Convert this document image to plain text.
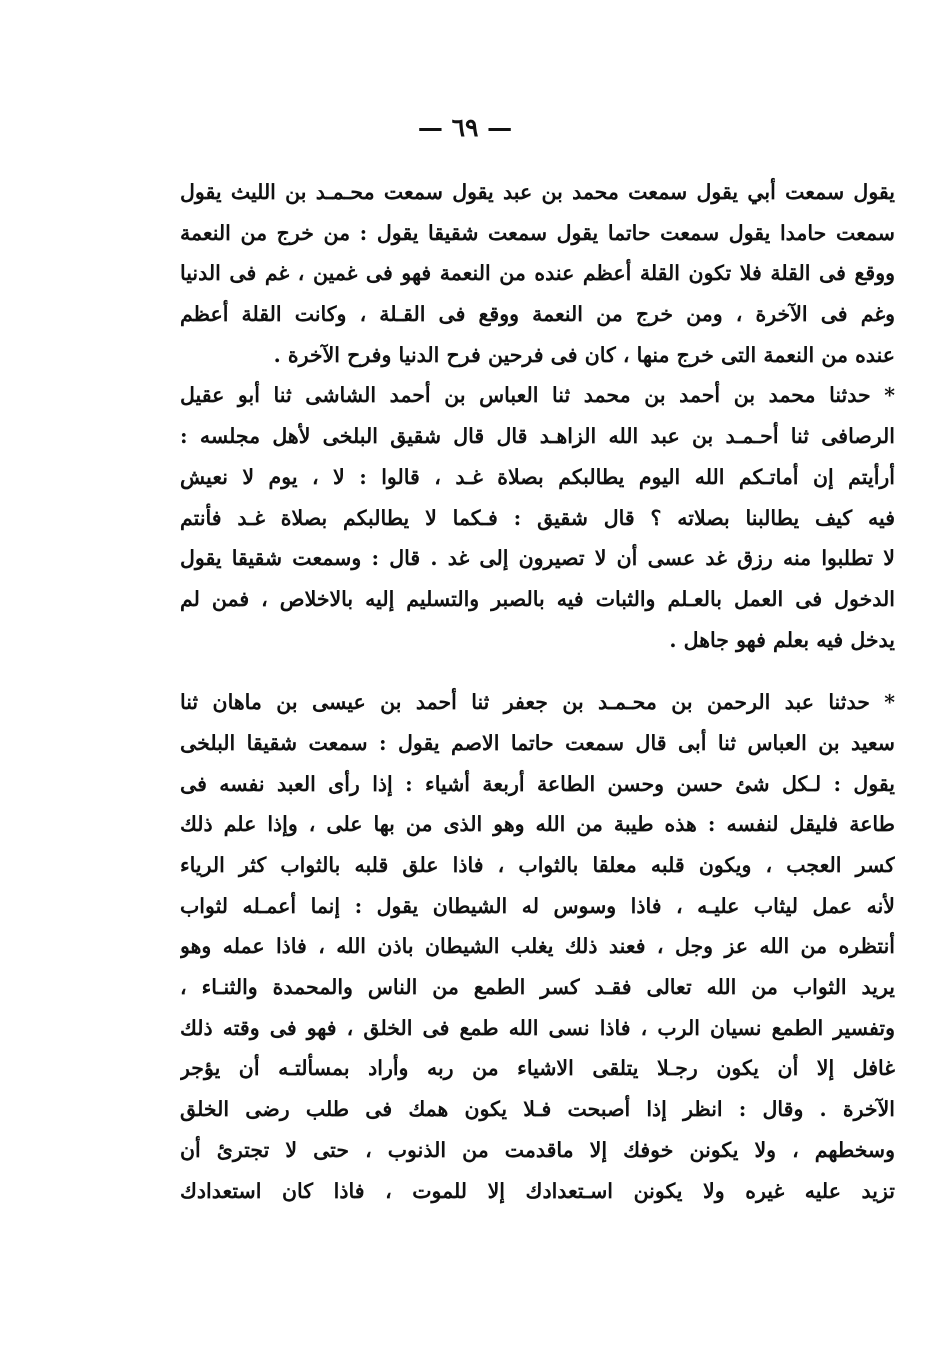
— ٦٩ —
يقول سمعت أبي يقول سمعت محمد بن عبد يقول سمعت محـمـد بن الليث يقول
سمعت حامدا يقول سمعت حاتما يقول سمعت شقيقا يقول : من خرج من النعمة
ووقع فى القلة فلا تكون القلة أعظم عنده من النعمة فهو فى غمين ، غم فى الدنيا
وغم فى الآخرة ، ومن خرج من النعمة ووقع فى القـلة ، وكانت القلة أعظم
عنده من النعمة التى خرج منها ، كان فى فرحين فرح الدنيا وفرح الآخرة .
* حدثنا محمد بن أحمد بن محمد ثنا العباس بن أحمد الشاشى ثنا أبو عقيل
الرصافى ثنا أحـمـد بن عبد الله الزاهـد قال قال شقيق البلخى لأهل مجلسه :
أرأيتم إن أماتـكم الله اليوم يطالبكم بصلاة غـد ، قالوا : لا ، يوم لا نعيش
فيه كيف يطالبنا بصلاته ؟ قال شقيق : فـكما لا يطالبكم بصلاة غـد فأنتم
لا تطلبوا منه رزق غد عسى أن لا تصيرون إلى غد . قال : وسمعت شقيقا يقول
الدخول فى العمل بالعـلم والثبات فيه بالصبر والتسليم إليه بالاخلاص ، فمن لم
يدخل فيه بعلم فهو جاهل .
* حدثنا عبد الرحمن بن محـمـد بن جعفر ثنا أحمد بن عيسى بن ماهان ثنا
سعيد بن العباس ثنا أبى قال سمعت حاتما الاصم يقول : سمعت شقيقا البلخى
يقول : لـكل شئ حسن وحسن الطاعة أربعة أشياء : إذا رأى العبد نفسه فى
طاعة فليقل لنفسه : هذه طيبة من الله وهو الذى من بها على ، وإذا علم ذلك
كسر العجب ، ويكون قلبه معلقا بالثواب ، فاذا علق قلبه بالثواب كثر الرياء
لأنه عمل ليثاب عليـه ، فاذا وسوس له الشيطان يقول : إنما أعمـله لثواب
أنتظره من الله عز وجل ، فعند ذلك يغلب الشيطان باذن الله ، فاذا عمله وهو
يريد الثواب من الله تعالى فقـد كسر الطمع من الناس والمحمدة والثنـاء ،
وتفسير الطمع نسيان الرب ، فاذا نسى الله طمع فى الخلق ، فهو فى وقته ذلك
غافل إلا أن يكون رجـلا يتلقى الاشياء من ربه وأراد بمسألتـه أن يؤجر
الآخرة . وقال : انظر إذا أصبحت فـلا يكون همك فى طلب رضى الخلق
وسخطهم ، ولا يكونن خوفك إلا ماقدمت من الذنوب ، حتى لا تجترئ أن
تزيد عليه غيره ولا يكونن اسـتعدادك إلا للموت ، فاذا كان استعدادك
